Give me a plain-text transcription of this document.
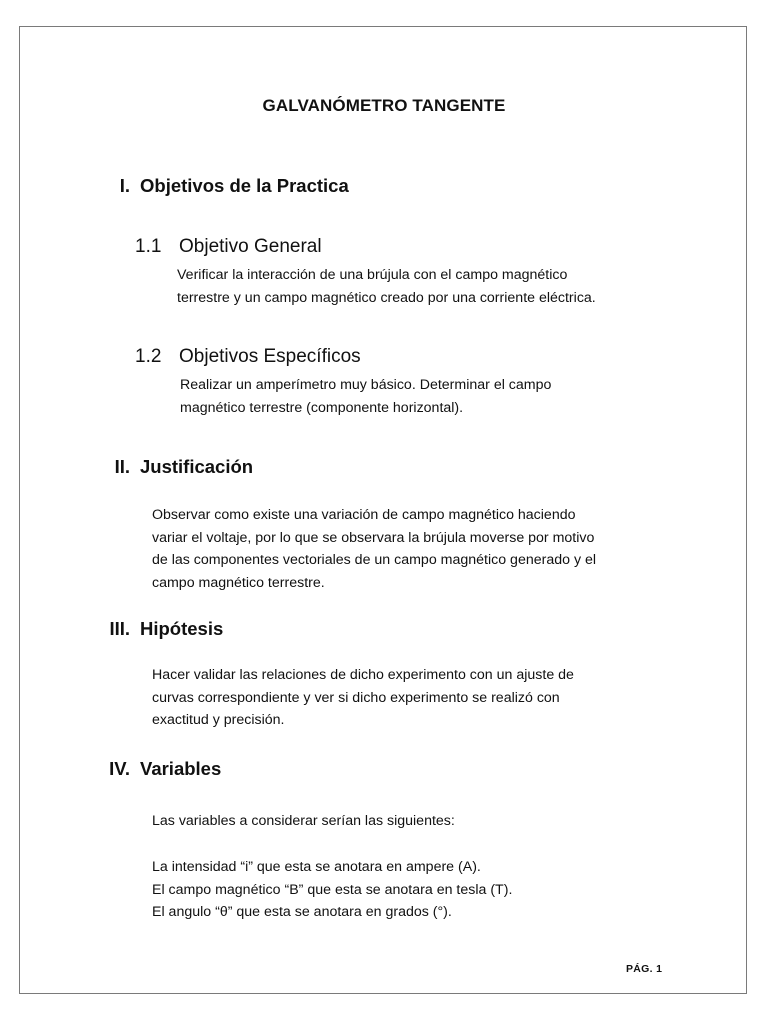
GALVANÓMETRO TANGENTE
I. Objetivos de la Practica
1.1 Objetivo General
Verificar la interacción de una brújula con el campo magnético
terrestre y un campo magnético creado por una corriente eléctrica.
1.2 Objetivos Específicos
Realizar un amperímetro muy básico. Determinar el campo
magnético terrestre (componente horizontal).
II. Justificación
Observar como existe una variación de campo magnético haciendo
variar el voltaje, por lo que se observara la brújula moverse por motivo
de las componentes vectoriales de un campo magnético generado y el
campo magnético terrestre.
III. Hipótesis
Hacer validar las relaciones de dicho experimento con un ajuste de
curvas correspondiente y ver si dicho experimento se realizó con
exactitud y precisión.
IV. Variables
Las variables a considerar serían las siguientes:
La intensidad “i” que esta se anotara en ampere (A).
El campo magnético “B” que esta se anotara en tesla (T).
El angulo “θ” que esta se anotara en grados (°).
PÁG. 1
